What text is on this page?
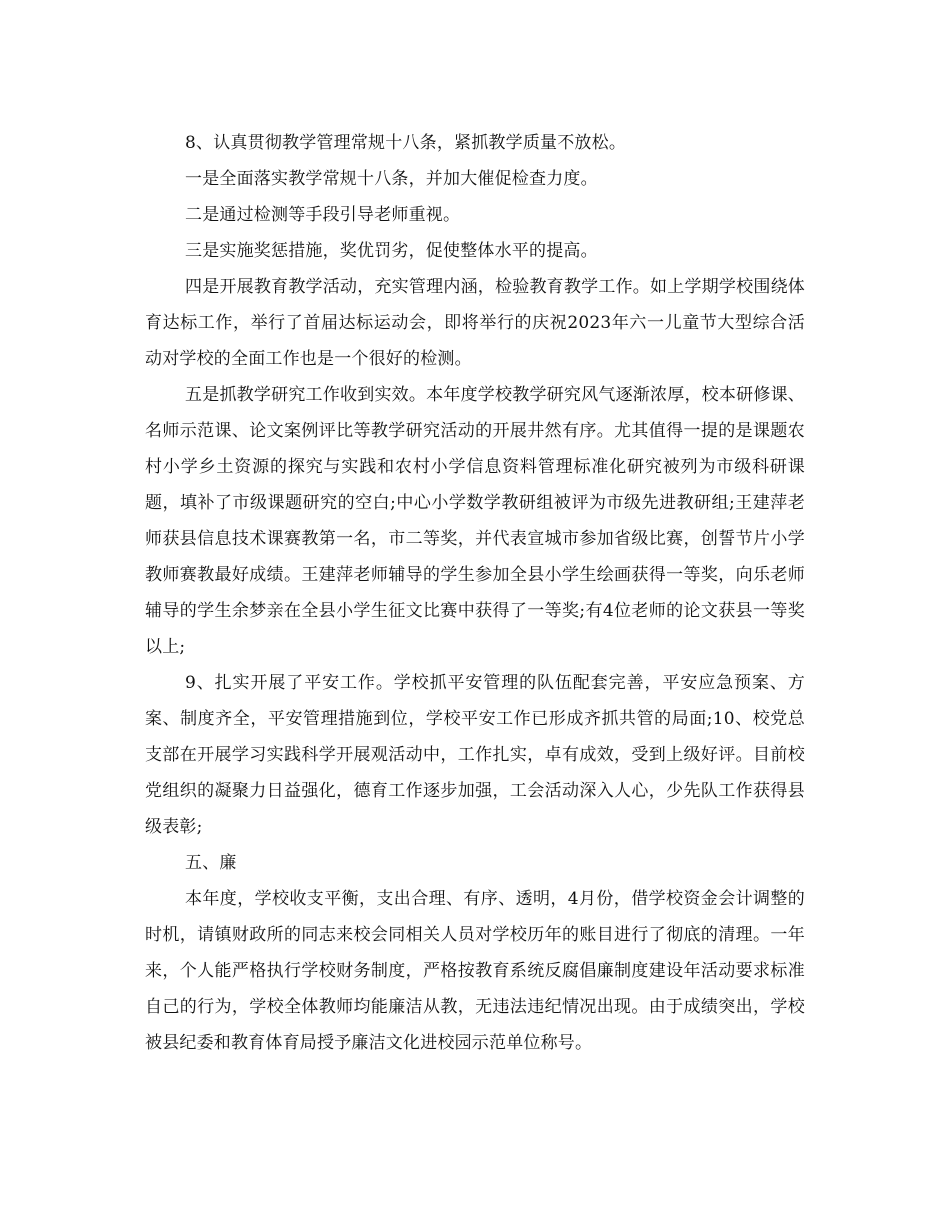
8、认真贯彻教学管理常规十八条，紧抓教学质量不放松。

一是全面落实教学常规十八条，并加大催促检查力度。

二是通过检测等手段引导老师重视。

三是实施奖惩措施，奖优罚劣，促使整体水平的提高。

四是开展教育教学活动，充实管理内涵，检验教育教学工作。如上学期学校围绕体育达标工作，举行了首届达标运动会，即将举行的庆祝2023年六一儿童节大型综合活动对学校的全面工作也是一个很好的检测。

五是抓教学研究工作收到实效。本年度学校教学研究风气逐渐浓厚，校本研修课、名师示范课、论文案例评比等教学研究活动的开展井然有序。尤其值得一提的是课题农村小学乡土资源的探究与实践和农村小学信息资料管理标准化研究被列为市级科研课题，填补了市级课题研究的空白;中心小学数学教研组被评为市级先进教研组;王建萍老师获县信息技术课赛教第一名，市二等奖，并代表宣城市参加省级比赛，创誓节片小学教师赛教最好成绩。王建萍老师辅导的学生参加全县小学生绘画获得一等奖，向乐老师辅导的学生余梦亲在全县小学生征文比赛中获得了一等奖;有4位老师的论文获县一等奖以上;

9、扎实开展了平安工作。学校抓平安管理的队伍配套完善，平安应急预案、方案、制度齐全，平安管理措施到位，学校平安工作已形成齐抓共管的局面;10、校党总支部在开展学习实践科学开展观活动中，工作扎实，卓有成效，受到上级好评。目前校党组织的凝聚力日益强化，德育工作逐步加强，工会活动深入人心，少先队工作获得县级表彰;

五、廉

本年度，学校收支平衡，支出合理、有序、透明，4月份，借学校资金会计调整的时机，请镇财政所的同志来校会同相关人员对学校历年的账目进行了彻底的清理。一年来，个人能严格执行学校财务制度，严格按教育系统反腐倡廉制度建设年活动要求标准自己的行为，学校全体教师均能廉洁从教，无违法违纪情况出现。由于成绩突出，学校被县纪委和教育体育局授予廉洁文化进校园示范单位称号。
